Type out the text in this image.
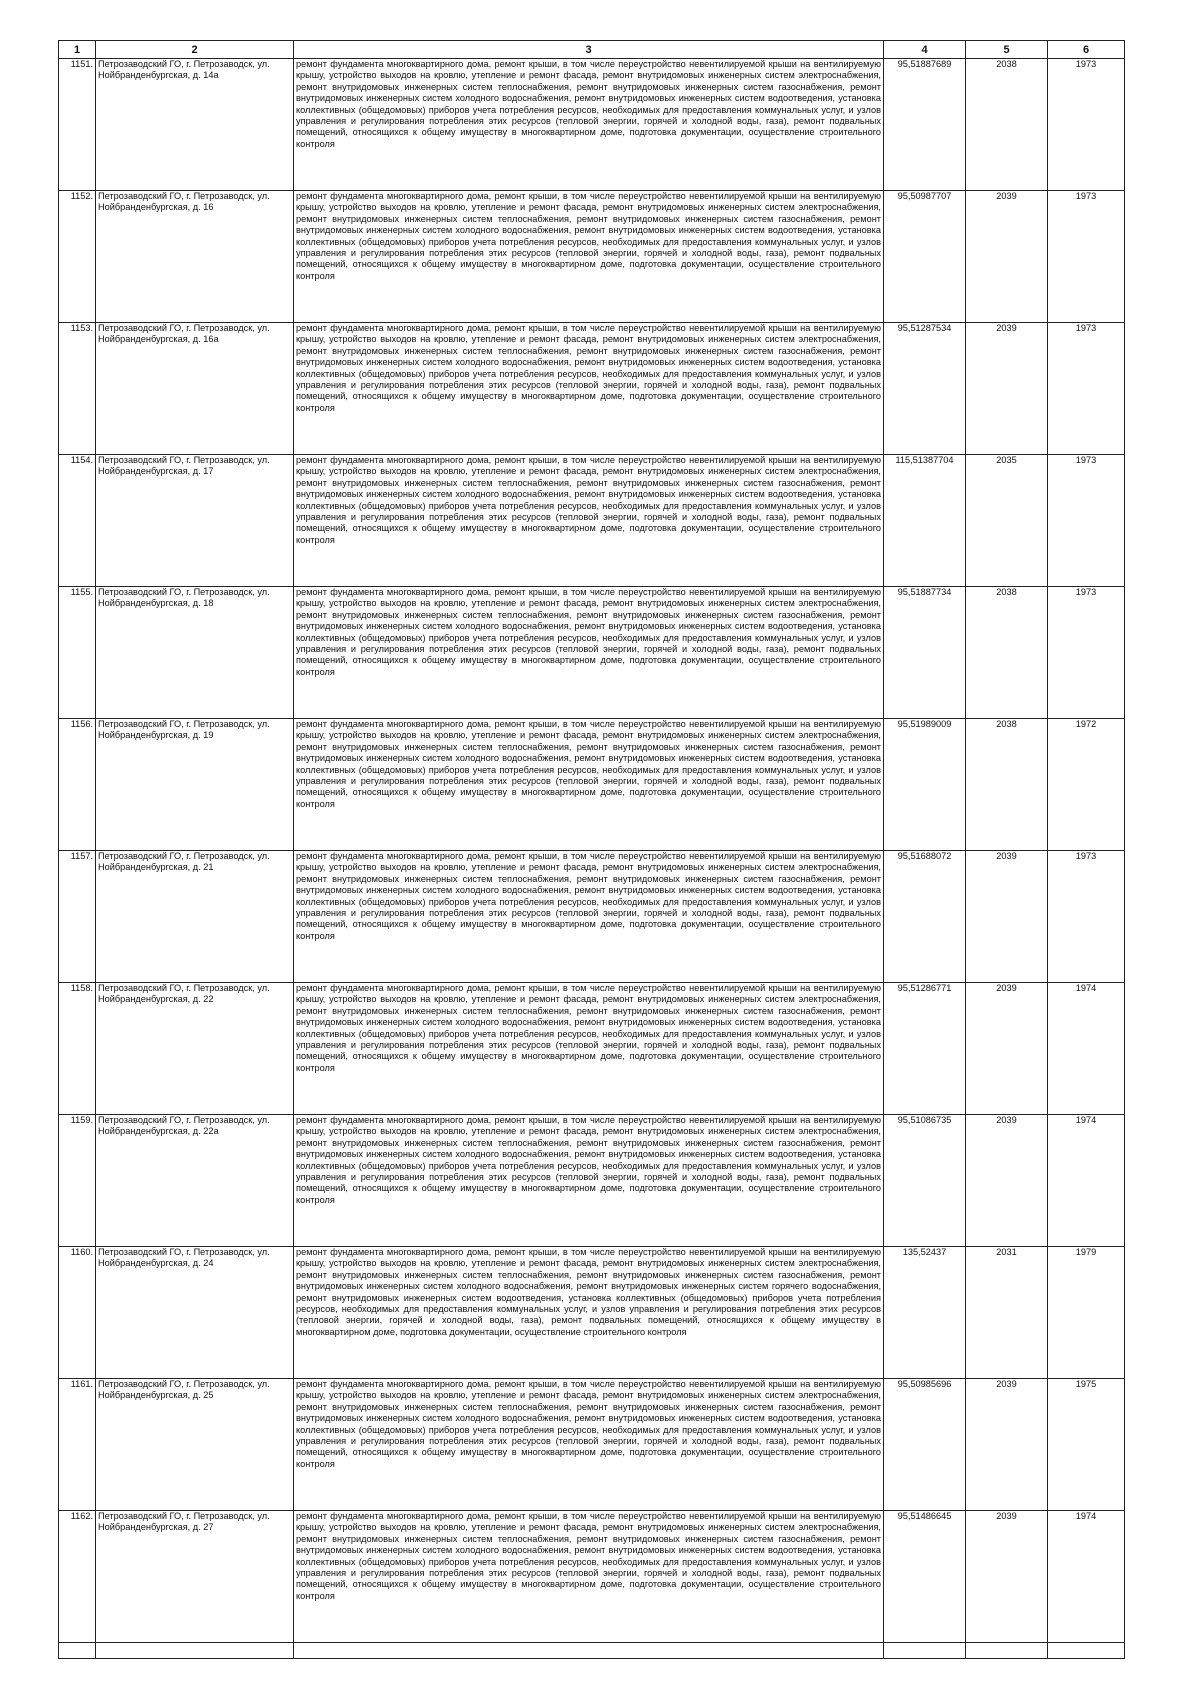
1	2	3	4	5	6
1151.	Петрозаводский ГО, г. Петрозаводск, ул. Нойбранденбургская, д. 14а	ремонт фундамента многоквартирного дома, ремонт крыши, в том числе переустройство невентилируемой крыши на вентилируемую крышу, устройство выходов на кровлю, утепление и ремонт фасада, ремонт внутридомовых инженерных систем электроснабжения, ремонт внутридомовых инженерных систем теплоснабжения, ремонт внутридомовых инженерных систем газоснабжения, ремонт внутридомовых инженерных систем холодного водоснабжения, ремонт внутридомовых инженерных систем водоотведения, установка коллективных (общедомовых) приборов учета потребления ресурсов, необходимых для предоставления коммунальных услуг, и узлов управления и регулирования потребления этих ресурсов (тепловой энергии, горячей и холодной воды, газа), ремонт подвальных помещений, относящихся к общему имуществу в многоквартирном доме, подготовка документации, осуществление строительного контроля	95,51887689	2038	1973
1152.	Петрозаводский ГО, г. Петрозаводск, ул. Нойбранденбургская, д. 16	ремонт фундамента многоквартирного дома, ремонт крыши, в том числе переустройство невентилируемой крыши на вентилируемую крышу, устройство выходов на кровлю, утепление и ремонт фасада, ремонт внутридомовых инженерных систем электроснабжения, ремонт внутридомовых инженерных систем теплоснабжения, ремонт внутридомовых инженерных систем газоснабжения, ремонт внутридомовых инженерных систем холодного водоснабжения, ремонт внутридомовых инженерных систем водоотведения, установка коллективных (общедомовых) приборов учета потребления ресурсов, необходимых для предоставления коммунальных услуг, и узлов управления и регулирования потребления этих ресурсов (тепловой энергии, горячей и холодной воды, газа), ремонт подвальных помещений, относящихся к общему имуществу в многоквартирном доме, подготовка документации, осуществление строительного контроля	95,50987707	2039	1973
1153.	Петрозаводский ГО, г. Петрозаводск, ул. Нойбранденбургская, д. 16а	ремонт фундамента многоквартирного дома, ремонт крыши, в том числе переустройство невентилируемой крыши на вентилируемую крышу, устройство выходов на кровлю, утепление и ремонт фасада, ремонт внутридомовых инженерных систем электроснабжения, ремонт внутридомовых инженерных систем теплоснабжения, ремонт внутридомовых инженерных систем газоснабжения, ремонт внутридомовых инженерных систем холодного водоснабжения, ремонт внутридомовых инженерных систем водоотведения, установка коллективных (общедомовых) приборов учета потребления ресурсов, необходимых для предоставления коммунальных услуг, и узлов управления и регулирования потребления этих ресурсов (тепловой энергии, горячей и холодной воды, газа), ремонт подвальных помещений, относящихся к общему имуществу в многоквартирном доме, подготовка документации, осуществление строительного контроля	95,51287534	2039	1973
1154.	Петрозаводский ГО, г. Петрозаводск, ул. Нойбранденбургская, д. 17	ремонт фундамента многоквартирного дома, ремонт крыши, в том числе переустройство невентилируемой крыши на вентилируемую крышу, устройство выходов на кровлю, утепление и ремонт фасада, ремонт внутридомовых инженерных систем электроснабжения, ремонт внутридомовых инженерных систем теплоснабжения, ремонт внутридомовых инженерных систем газоснабжения, ремонт внутридомовых инженерных систем холодного водоснабжения, ремонт внутридомовых инженерных систем водоотведения, установка коллективных (общедомовых) приборов учета потребления ресурсов, необходимых для предоставления коммунальных услуг, и узлов управления и регулирования потребления этих ресурсов (тепловой энергии, горячей и холодной воды, газа), ремонт подвальных помещений, относящихся к общему имуществу в многоквартирном доме, подготовка документации, осуществление строительного контроля	115,51387704	2035	1973
1155.	Петрозаводский ГО, г. Петрозаводск, ул. Нойбранденбургская, д. 18	ремонт фундамента многоквартирного дома, ремонт крыши, в том числе переустройство невентилируемой крыши на вентилируемую крышу, устройство выходов на кровлю, утепление и ремонт фасада, ремонт внутридомовых инженерных систем электроснабжения, ремонт внутридомовых инженерных систем теплоснабжения, ремонт внутридомовых инженерных систем газоснабжения, ремонт внутридомовых инженерных систем холодного водоснабжения, ремонт внутридомовых инженерных систем водоотведения, установка коллективных (общедомовых) приборов учета потребления ресурсов, необходимых для предоставления коммунальных услуг, и узлов управления и регулирования потребления этих ресурсов (тепловой энергии, горячей и холодной воды, газа), ремонт подвальных помещений, относящихся к общему имуществу в многоквартирном доме, подготовка документации, осуществление строительного контроля	95,51887734	2038	1973
1156.	Петрозаводский ГО, г. Петрозаводск, ул. Нойбранденбургская, д. 19	ремонт фундамента многоквартирного дома, ремонт крыши, в том числе переустройство невентилируемой крыши на вентилируемую крышу, устройство выходов на кровлю, утепление и ремонт фасада, ремонт внутридомовых инженерных систем электроснабжения, ремонт внутридомовых инженерных систем теплоснабжения, ремонт внутридомовых инженерных систем газоснабжения, ремонт внутридомовых инженерных систем холодного водоснабжения, ремонт внутридомовых инженерных систем водоотведения, установка коллективных (общедомовых) приборов учета потребления ресурсов, необходимых для предоставления коммунальных услуг, и узлов управления и регулирования потребления этих ресурсов (тепловой энергии, горячей и холодной воды, газа), ремонт подвальных помещений, относящихся к общему имуществу в многоквартирном доме, подготовка документации, осуществление строительного контроля	95,51989009	2038	1972
1157.	Петрозаводский ГО, г. Петрозаводск, ул. Нойбранденбургская, д. 21	ремонт фундамента многоквартирного дома, ремонт крыши, в том числе переустройство невентилируемой крыши на вентилируемую крышу, устройство выходов на кровлю, утепление и ремонт фасада, ремонт внутридомовых инженерных систем электроснабжения, ремонт внутридомовых инженерных систем теплоснабжения, ремонт внутридомовых инженерных систем газоснабжения, ремонт внутридомовых инженерных систем холодного водоснабжения, ремонт внутридомовых инженерных систем водоотведения, установка коллективных (общедомовых) приборов учета потребления ресурсов, необходимых для предоставления коммунальных услуг, и узлов управления и регулирования потребления этих ресурсов (тепловой энергии, горячей и холодной воды, газа), ремонт подвальных помещений, относящихся к общему имуществу в многоквартирном доме, подготовка документации, осуществление строительного контроля	95,51688072	2039	1973
1158.	Петрозаводский ГО, г. Петрозаводск, ул. Нойбранденбургская, д. 22	ремонт фундамента многоквартирного дома, ремонт крыши, в том числе переустройство невентилируемой крыши на вентилируемую крышу, устройство выходов на кровлю, утепление и ремонт фасада, ремонт внутридомовых инженерных систем электроснабжения, ремонт внутридомовых инженерных систем теплоснабжения, ремонт внутридомовых инженерных систем газоснабжения, ремонт внутридомовых инженерных систем холодного водоснабжения, ремонт внутридомовых инженерных систем водоотведения, установка коллективных (общедомовых) приборов учета потребления ресурсов, необходимых для предоставления коммунальных услуг, и узлов управления и регулирования потребления этих ресурсов (тепловой энергии, горячей и холодной воды, газа), ремонт подвальных помещений, относящихся к общему имуществу в многоквартирном доме, подготовка документации, осуществление строительного контроля	95,51286771	2039	1974
1159.	Петрозаводский ГО, г. Петрозаводск, ул. Нойбранденбургская, д. 22а	ремонт фундамента многоквартирного дома, ремонт крыши, в том числе переустройство невентилируемой крыши на вентилируемую крышу, устройство выходов на кровлю, утепление и ремонт фасада, ремонт внутридомовых инженерных систем электроснабжения, ремонт внутридомовых инженерных систем теплоснабжения, ремонт внутридомовых инженерных систем газоснабжения, ремонт внутридомовых инженерных систем холодного водоснабжения, ремонт внутридомовых инженерных систем водоотведения, установка коллективных (общедомовых) приборов учета потребления ресурсов, необходимых для предоставления коммунальных услуг, и узлов управления и регулирования потребления этих ресурсов (тепловой энергии, горячей и холодной воды, газа), ремонт подвальных помещений, относящихся к общему имуществу в многоквартирном доме, подготовка документации, осуществление строительного контроля	95,51086735	2039	1974
1160.	Петрозаводский ГО, г. Петрозаводск, ул. Нойбранденбургская, д. 24	ремонт фундамента многоквартирного дома, ремонт крыши, в том числе переустройство невентилируемой крыши на вентилируемую крышу, устройство выходов на кровлю, утепление и ремонт фасада, ремонт внутридомовых инженерных систем электроснабжения, ремонт внутридомовых инженерных систем теплоснабжения, ремонт внутридомовых инженерных систем газоснабжения, ремонт внутридомовых инженерных систем холодного водоснабжения, ремонт внутридомовых инженерных систем горячего водоснабжения, ремонт внутридомовых инженерных систем водоотведения, установка коллективных (общедомовых) приборов учета потребления ресурсов, необходимых для предоставления коммунальных услуг, и узлов управления и регулирования потребления этих ресурсов (тепловой энергии, горячей и холодной воды, газа), ремонт подвальных помещений, относящихся к общему имуществу в многоквартирном доме, подготовка документации, осуществление строительного контроля	135,52437	2031	1979
1161.	Петрозаводский ГО, г. Петрозаводск, ул. Нойбранденбургская, д. 25	ремонт фундамента многоквартирного дома, ремонт крыши, в том числе переустройство невентилируемой крыши на вентилируемую крышу, устройство выходов на кровлю, утепление и ремонт фасада, ремонт внутридомовых инженерных систем электроснабжения, ремонт внутридомовых инженерных систем теплоснабжения, ремонт внутридомовых инженерных систем газоснабжения, ремонт внутридомовых инженерных систем холодного водоснабжения, ремонт внутридомовых инженерных систем водоотведения, установка коллективных (общедомовых) приборов учета потребления ресурсов, необходимых для предоставления коммунальных услуг, и узлов управления и регулирования потребления этих ресурсов (тепловой энергии, горячей и холодной воды, газа), ремонт подвальных помещений, относящихся к общему имуществу в многоквартирном доме, подготовка документации, осуществление строительного контроля	95,50985696	2039	1975
1162.	Петрозаводский ГО, г. Петрозаводск, ул. Нойбранденбургская, д. 27	ремонт фундамента многоквартирного дома, ремонт крыши, в том числе переустройство невентилируемой крыши на вентилируемую крышу, устройство выходов на кровлю, утепление и ремонт фасада, ремонт внутридомовых инженерных систем электроснабжения, ремонт внутридомовых инженерных систем теплоснабжения, ремонт внутридомовых инженерных систем газоснабжения, ремонт внутридомовых инженерных систем холодного водоснабжения, ремонт внутридомовых инженерных систем водоотведения, установка коллективных (общедомовых) приборов учета потребления ресурсов, необходимых для предоставления коммунальных услуг, и узлов управления и регулирования потребления этих ресурсов (тепловой энергии, горячей и холодной воды, газа), ремонт подвальных помещений, относящихся к общему имуществу в многоквартирном доме, подготовка документации, осуществление строительного контроля	95,51486645	2039	1974
